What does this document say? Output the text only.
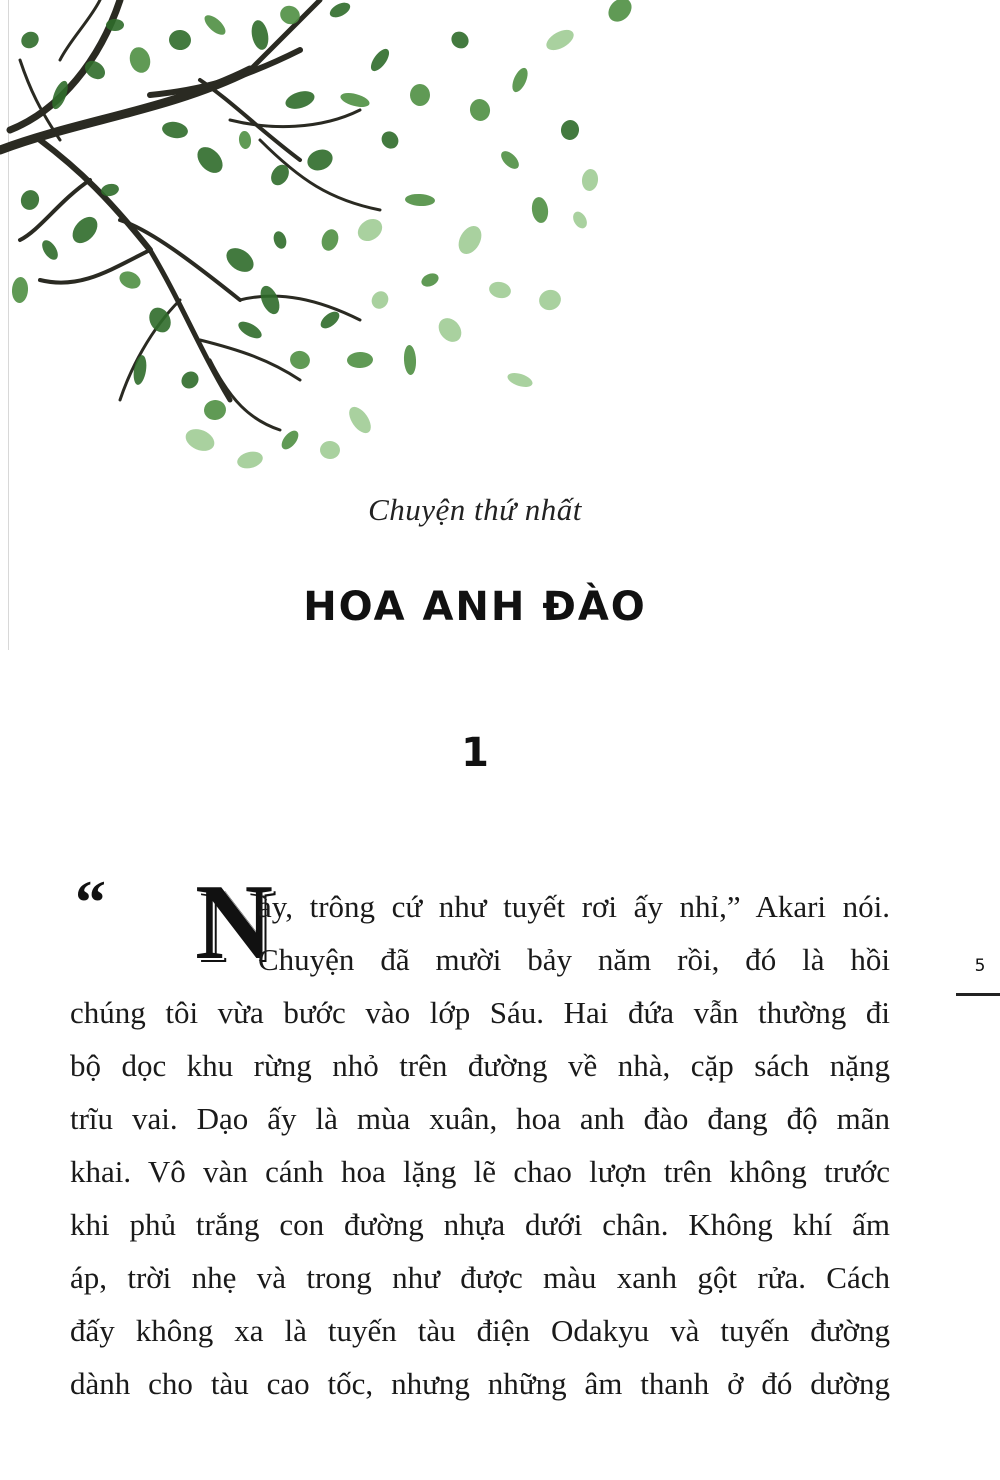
Chuyện thứ nhất
HOA ANH ĐÀO
1
“ N
ày, trông cứ như tuyết rơi ấy nhỉ,” Akari nói.
Chuyện đã mười bảy năm rồi, đó là hồi
chúng tôi vừa bước vào lớp Sáu. Hai đứa vẫn thường đi
bộ dọc khu rừng nhỏ trên đường về nhà, cặp sách nặng
trĩu vai. Dạo ấy là mùa xuân, hoa anh đào đang độ mãn
khai. Vô vàn cánh hoa lặng lẽ chao lượn trên không trước
khi phủ trắng con đường nhựa dưới chân. Không khí ấm
áp, trời nhẹ và trong như được màu xanh gột rửa. Cách
đấy không xa là tuyến tàu điện Odakyu và tuyến đường
dành cho tàu cao tốc, nhưng những âm thanh ở đó dường
5
